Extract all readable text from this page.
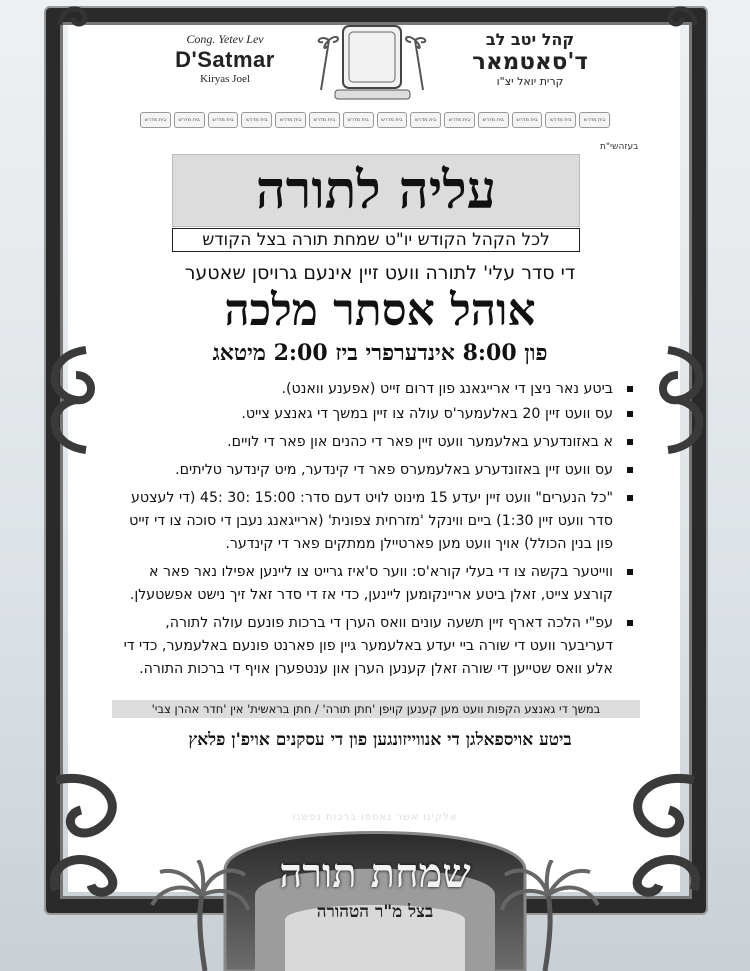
Cong. Yetev Lev
D'Satmar
Kiryas Joel
קהל יטב לב
ד'סאטמאר
קרית יואל יצ"ו
בית מדרש
בית מדרש
בית מדרש
בית מדרש
בית מדרש
בית מדרש
בית מדרש
בית מדרש
בית מדרש
בית מדרש
בית מדרש
בית מדרש
בית מדרש
בית מדרש
בעזהשי"ת
עליה לתורה
לכל הקהל הקודש יו"ט שמחת תורה בצל הקודש
די סדר עלי' לתורה וועט זיין אינעם גרויסן שאטער
אוהל אסתר מלכה
פון 8:00 אינדערפרי ביז 2:00 מיטאג
ביטע נאר ניצן די ארייגאנג פון דרום זייט (אפענע וואנט).
עס וועט זיין 20 באלעמער'ס עולה צו זיין במשך די גאנצע צייט.
א באזונדערע באלעמער וועט זיין פאר די כהנים און פאר די לויים.
עס וועט זיין באזונדערע באלעמערס פאר די קינדער, מיט קינדער טליתים.
"כל הנערים" וועט זיין יעדע 15 מינוט לויט דעם סדר: 15:00 :30 :45 (די לעצטע סדר וועט זיין 1:30) ביים ווינקל 'מזרחית צפונית' (ארייגאנג נעבן די סוכה צו די זייט פון בנין הכולל) אויך וועט מען פארטיילן ממתקים פאר די קינדער.
ווייטער בקשה צו די בעלי קורא'ס: ווער ס'איז גרייט צו ליינען אפילו נאר פאר א קורצע צייט, זאלן ביטע אריינקומען ליינען, כדי אז די סדר זאל זיך נישט אפשטעלן.
עפ"י הלכה דארף זיין תשעה עונים וואס הערן די ברכות פונעם עולה לתורה, דעריבער וועט די שורה ביי יעדע באלעמער גיין פון פארנט פונעם באלעמער, כדי די אלע וואס שטייען די שורה זאלן קענען הערן און ענטפערן אויף די ברכות התורה.
במשך די גאנצע הקפות וועט מען קענען קויפן 'חתן תורה' / חתן בראשית' אין 'חדר אהרן צבי'
ביטע אויספאלגן די אנווייזונגען פון די עסקנים אויפ'ן פלאץ
אלקינו אשר נאספו ברכות נפשנו
שמחת תורה
בצל מ"ר הטהורה
